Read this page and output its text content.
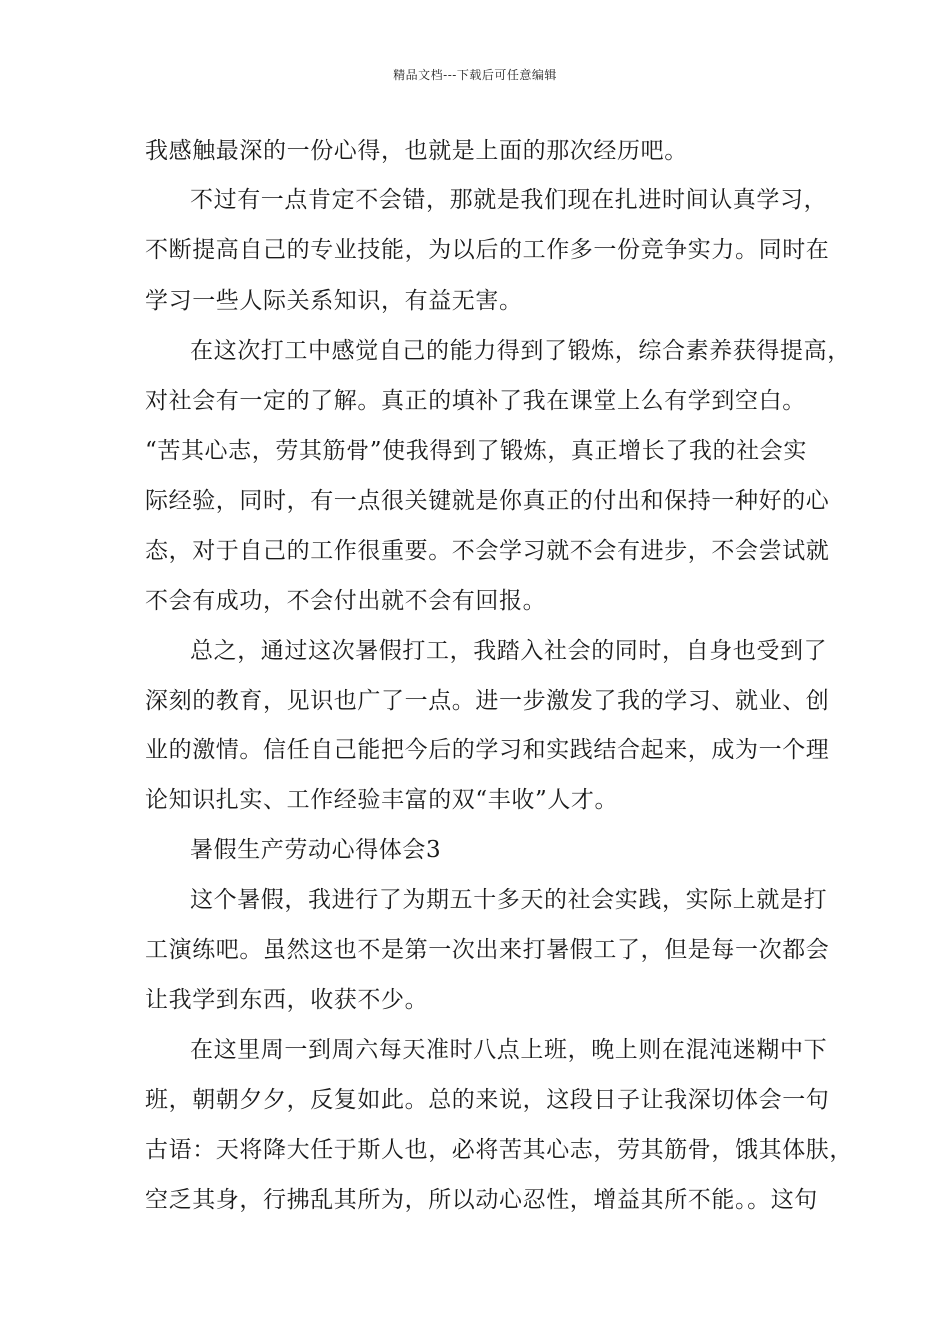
精品文档---下载后可任意编辑
我感触最深的一份心得，也就是上面的那次经历吧。
不过有一点肯定不会错，那就是我们现在扎进时间认真学习，
不断提高自己的专业技能，为以后的工作多一份竞争实力。同时在
学习一些人际关系知识，有益无害。
在这次打工中感觉自己的能力得到了锻炼，综合素养获得提高，
对社会有一定的了解。真正的填补了我在课堂上么有学到空白。
“苦其心志，劳其筋骨”使我得到了锻炼，真正增长了我的社会实
际经验，同时，有一点很关键就是你真正的付出和保持一种好的心
态，对于自己的工作很重要。不会学习就不会有进步，不会尝试就
不会有成功，不会付出就不会有回报。
总之，通过这次暑假打工，我踏入社会的同时，自身也受到了
深刻的教育，见识也广了一点。进一步激发了我的学习、就业、创
业的激情。信任自己能把今后的学习和实践结合起来，成为一个理
论知识扎实、工作经验丰富的双“丰收”人才。
暑假生产劳动心得体会3
这个暑假，我进行了为期五十多天的社会实践，实际上就是打
工演练吧。虽然这也不是第一次出来打暑假工了，但是每一次都会
让我学到东西，收获不少。
在这里周一到周六每天准时八点上班，晚上则在混沌迷糊中下
班，朝朝夕夕，反复如此。总的来说，这段日子让我深切体会一句
古语：天将降大任于斯人也，必将苦其心志，劳其筋骨，饿其体肤，
空乏其身，行拂乱其所为，所以动心忍性，增益其所不能。。这句
